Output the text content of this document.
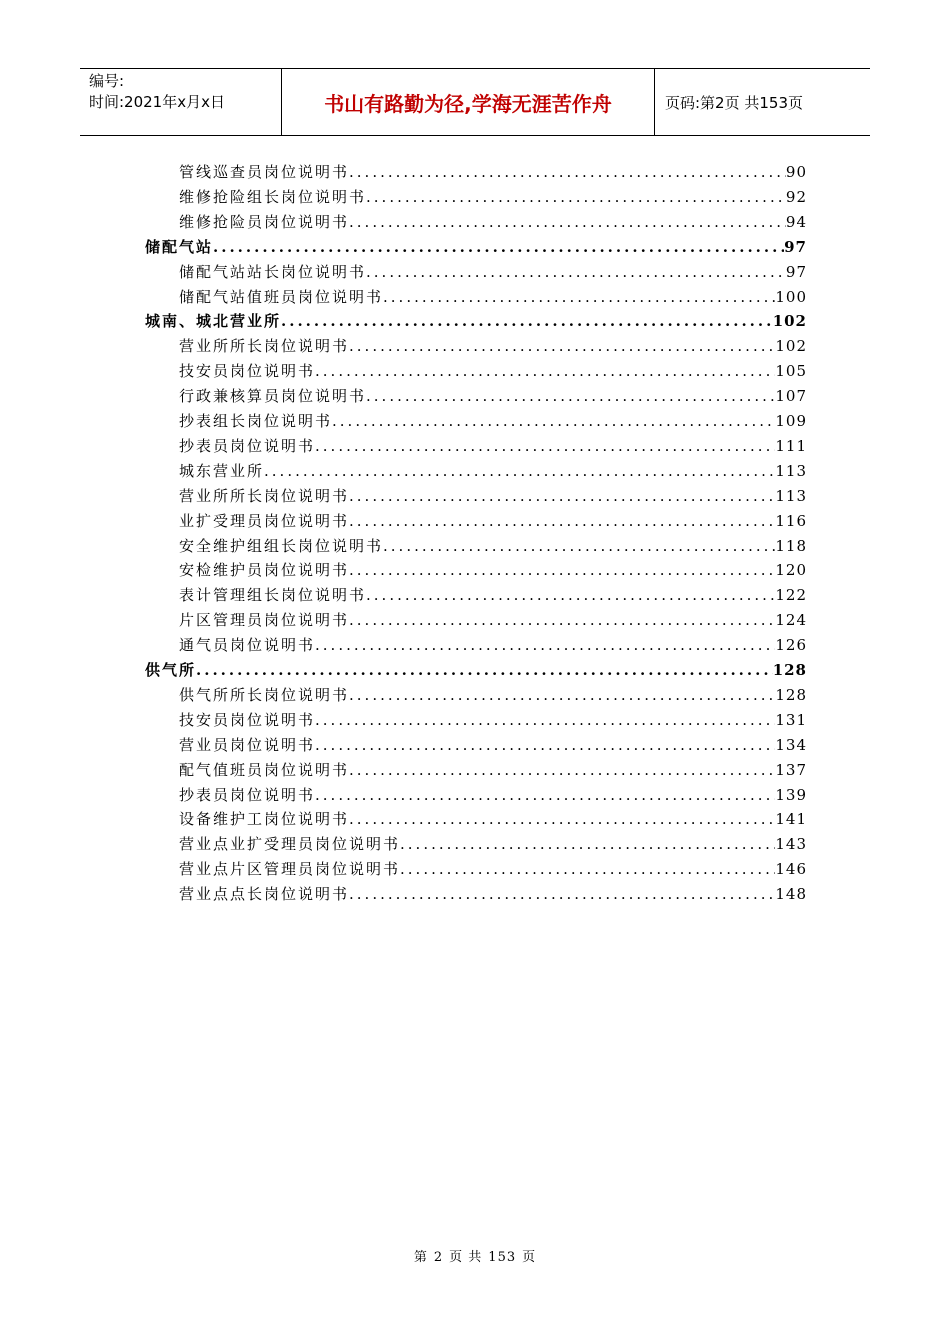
编号:
时间:2021年x月x日	书山有路勤为径,学海无涯苦作舟	页码:第2页 共153页
管线巡查员岗位说明书 .....	90
维修抢险组长岗位说明书 .....	92
维修抢险员岗位说明书 .....	94
储配气站 .....	97
储配气站站长岗位说明书 .....	97
储配气站值班员岗位说明书 .....	100
城南、城北营业所 .....	102
营业所所长岗位说明书 .....	102
技安员岗位说明书 .....	105
行政兼核算员岗位说明书 .....	107
抄表组长岗位说明书 .....	109
抄表员岗位说明书 .....	111
城东营业所 .....	113
营业所所长岗位说明书 .....	113
业扩受理员岗位说明书 .....	116
安全维护组组长岗位说明书 .....	118
安检维护员岗位说明书 .....	120
表计管理组长岗位说明书 .....	122
片区管理员岗位说明书 .....	124
通气员岗位说明书 .....	126
供气所 .....	128
供气所所长岗位说明书 .....	128
技安员岗位说明书 .....	131
营业员岗位说明书 .....	134
配气值班员岗位说明书 .....	137
抄表员岗位说明书 .....	139
设备维护工岗位说明书 .....	141
营业点业扩受理员岗位说明书 .....	143
营业点片区管理员岗位说明书 .....	146
营业点点长岗位说明书 .....	148
第 2 页 共 153 页
